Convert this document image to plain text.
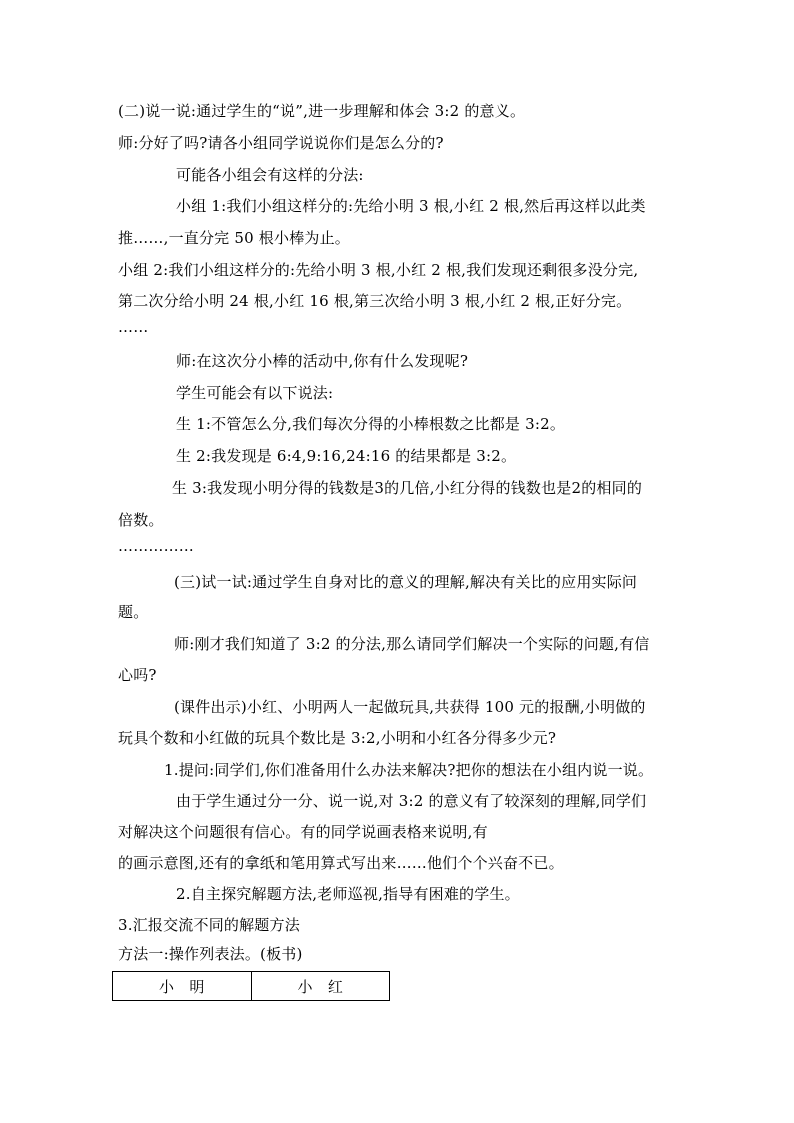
(二)说一说:通过学生的“说”,进一步理解和体会 3:2 的意义。
师:分好了吗?请各小组同学说说你们是怎么分的?
可能各小组会有这样的分法:
小组 1:我们小组这样分的:先给小明 3 根,小红 2 根,然后再这样以此类
推……,一直分完 50 根小棒为止。
小组 2:我们小组这样分的:先给小明 3 根,小红 2 根,我们发现还剩很多没分完,
第二次分给小明 24 根,小红 16 根,第三次给小明 3 根,小红 2 根,正好分完。
……
师:在这次分小棒的活动中,你有什么发现呢?
学生可能会有以下说法:
生 1:不管怎么分,我们每次分得的小棒根数之比都是 3:2。
生 2:我发现是 6:4,9:16,24:16 的结果都是 3:2。
生 3:我发现小明分得的钱数是3的几倍,小红分得的钱数也是2的相同的
倍数。
……………
(三)试一试:通过学生自身对比的意义的理解,解决有关比的应用实际问
题。
师:刚才我们知道了 3:2 的分法,那么请同学们解决一个实际的问题,有信
心吗?
(课件出示)小红、小明两人一起做玩具,共获得 100 元的报酬,小明做的
玩具个数和小红做的玩具个数比是 3:2,小明和小红各分得多少元?
1.提问:同学们,你们准备用什么办法来解决?把你的想法在小组内说一说。
由于学生通过分一分、说一说,对 3:2 的意义有了较深刻的理解,同学们
对解决这个问题很有信心。有的同学说画表格来说明,有
的画示意图,还有的拿纸和笔用算式写出来……他们个个兴奋不已。
2.自主探究解题方法,老师巡视,指导有困难的学生。
3.汇报交流不同的解题方法
方法一:操作列表法。(板书)
小　明	小　红
